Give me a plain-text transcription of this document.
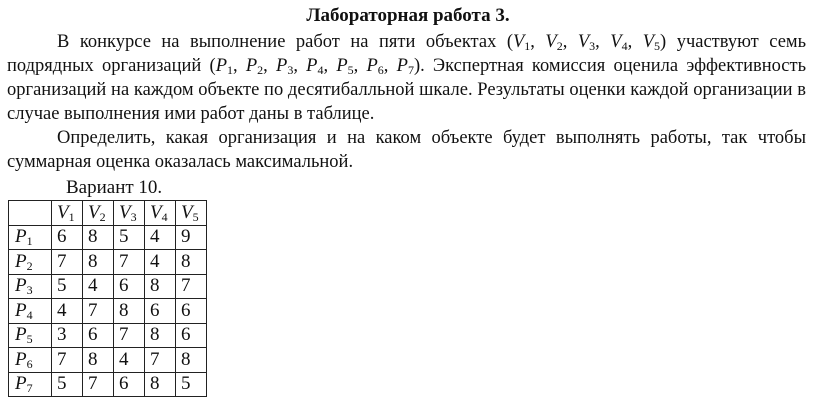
Лабораторная работа 3.
В конкурсе на выполнение работ на пяти объектах ($V_1$, $V_2$, $V_3$, $V_4$, $V_5$) участвуют семь подрядных организаций ($P_1$, $P_2$, $P_3$, $P_4$, $P_5$, $P_6$, $P_7$). Экспертная комиссия оценила эффективность организаций на каждом объекте по десятибалльной шкале. Результаты оценки каждой организации в случае выполнения ими работ даны в таблице.
Определить, какая организация и на каком объекте будет выполнять работы, так чтобы суммарная оценка оказалась максимальной.
Вариант 10.
	$V_1$	$V_2$	$V_3$	$V_4$	$V_5$
$P_1$	6	8	5	4	9
$P_2$	7	8	7	4	8
$P_3$	5	4	6	8	7
$P_4$	4	7	8	6	6
$P_5$	3	6	7	8	6
$P_6$	7	8	4	7	8
$P_7$	5	7	6	8	5
